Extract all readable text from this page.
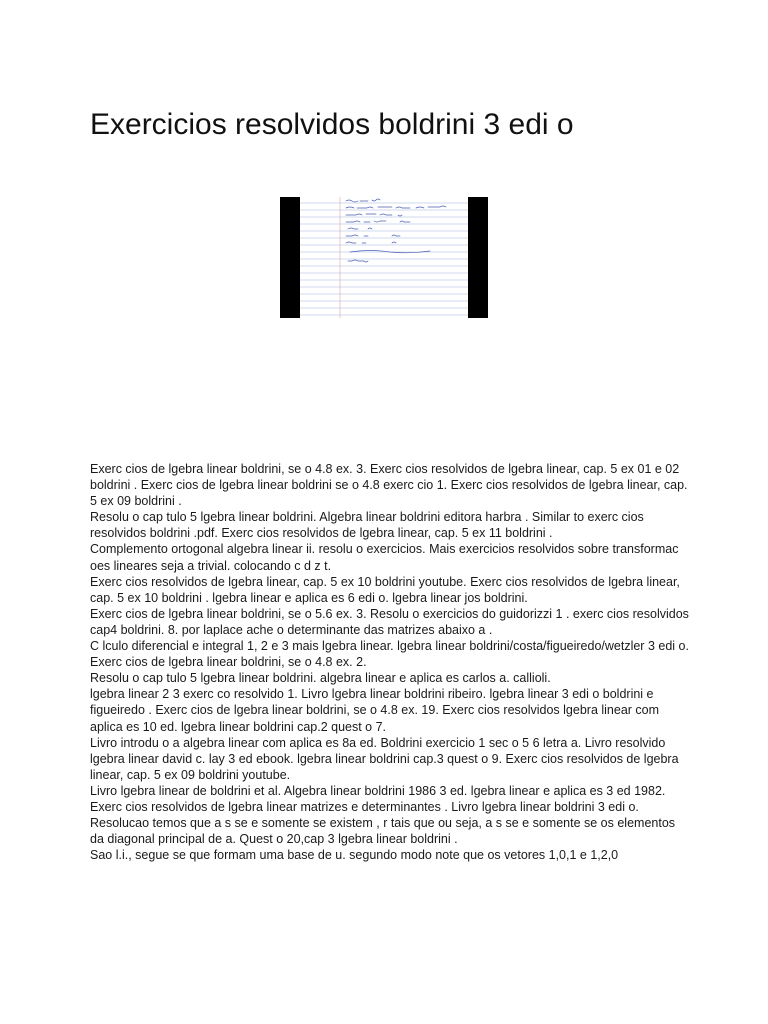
Exercicios resolvidos boldrini 3 edi o

Exerc cios de lgebra linear boldrini, se o 4.8 ex. 3. Exerc cios resolvidos de lgebra linear, cap. 5 ex 01 e 02 boldrini . Exerc cios de lgebra linear boldrini se o 4.8 exerc cio 1. Exerc cios resolvidos de lgebra linear, cap. 5 ex 09 boldrini .

Resolu o cap tulo 5 lgebra linear boldrini. Algebra linear boldrini editora harbra . Similar to exerc cios resolvidos boldrini .pdf. Exerc cios resolvidos de lgebra linear, cap. 5 ex 11 boldrini .

Complemento ortogonal algebra linear ii. resolu o exercicios. Mais exercicios resolvidos sobre transformac oes lineares seja a trivial. colocando c d z t.

Exerc cios resolvidos de lgebra linear, cap. 5 ex 10 boldrini youtube. Exerc cios resolvidos de lgebra linear, cap. 5 ex 10 boldrini . lgebra linear e aplica es 6 edi o. lgebra linear jos boldrini.

Exerc cios de lgebra linear boldrini, se o 5.6 ex. 3. Resolu o exercicios do guidorizzi 1 . exerc cios resolvidos cap4 boldrini. 8. por laplace ache o determinante das matrizes abaixo a .

C lculo diferencial e integral 1, 2 e 3 mais lgebra linear. lgebra linear boldrini/costa/figueiredo/wetzler 3 edi o. Exerc cios de lgebra linear boldrini, se o 4.8 ex. 2.

Resolu o cap tulo 5 lgebra linear boldrini. algebra linear e aplica es carlos a. callioli.

lgebra linear 2 3 exerc co resolvido 1. Livro lgebra linear boldrini ribeiro. lgebra linear 3 edi o boldrini e figueiredo . Exerc cios de lgebra linear boldrini, se o 4.8 ex. 19. Exerc cios resolvidos lgebra linear com aplica es 10 ed. lgebra linear boldrini cap.2 quest o 7.

Livro introdu o a algebra linear com aplica es 8a ed. Boldrini exercicio 1 sec o 5 6 letra a. Livro resolvido lgebra linear david c. lay 3 ed ebook. lgebra linear boldrini cap.3 quest o 9. Exerc cios resolvidos de lgebra linear, cap. 5 ex 09 boldrini youtube.

Livro lgebra linear de boldrini et al. Algebra linear boldrini 1986 3 ed. lgebra linear e aplica es 3 ed 1982. Exerc cios resolvidos de lgebra linear matrizes e determinantes . Livro lgebra linear boldrini 3 edi o.

Resolucao temos que a s se e somente se existem , r tais que ou seja, a s se e somente se os elementos da diagonal principal de a. Quest o 20,cap 3 lgebra linear boldrini .

Sao l.i., segue se que formam uma base de u. segundo modo note que os vetores 1,0,1 e 1,2,0
